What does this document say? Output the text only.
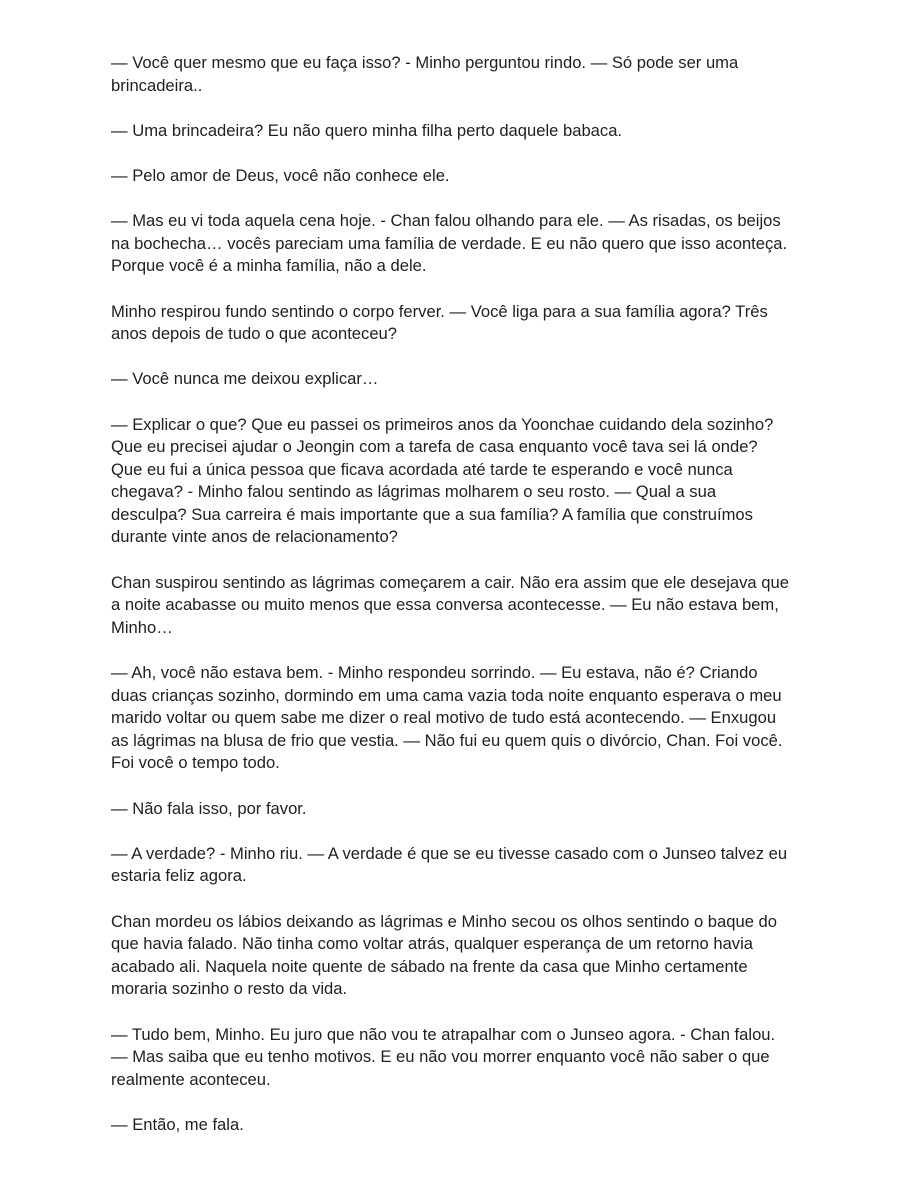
— Você quer mesmo que eu faça isso? - Minho perguntou rindo. — Só pode ser uma
brincadeira..

— Uma brincadeira? Eu não quero minha filha perto daquele babaca.

— Pelo amor de Deus, você não conhece ele.

— Mas eu vi toda aquela cena hoje. - Chan falou olhando para ele. — As risadas, os beijos
na bochecha… vocês pareciam uma família de verdade. E eu não quero que isso aconteça.
Porque você é a minha família, não a dele.

Minho respirou fundo sentindo o corpo ferver. — Você liga para a sua família agora? Três
anos depois de tudo o que aconteceu?

— Você nunca me deixou explicar…

— Explicar o que? Que eu passei os primeiros anos da Yoonchae cuidando dela sozinho?
Que eu precisei ajudar o Jeongin com a tarefa de casa enquanto você tava sei lá onde?
Que eu fui a única pessoa que ficava acordada até tarde te esperando e você nunca
chegava? - Minho falou sentindo as lágrimas molharem o seu rosto. — Qual a sua
desculpa? Sua carreira é mais importante que a sua família? A família que construímos
durante vinte anos de relacionamento?

Chan suspirou sentindo as lágrimas começarem a cair. Não era assim que ele desejava que
a noite acabasse ou muito menos que essa conversa acontecesse. — Eu não estava bem,
Minho…

— Ah, você não estava bem. - Minho respondeu sorrindo. — Eu estava, não é? Criando
duas crianças sozinho, dormindo em uma cama vazia toda noite enquanto esperava o meu
marido voltar ou quem sabe me dizer o real motivo de tudo está acontecendo. — Enxugou
as lágrimas na blusa de frio que vestia. — Não fui eu quem quis o divórcio, Chan. Foi você.
Foi você o tempo todo.

— Não fala isso, por favor.

— A verdade? - Minho riu. — A verdade é que se eu tivesse casado com o Junseo talvez eu
estaria feliz agora.

Chan mordeu os lábios deixando as lágrimas e Minho secou os olhos sentindo o baque do
que havia falado. Não tinha como voltar atrás, qualquer esperança de um retorno havia
acabado ali. Naquela noite quente de sábado na frente da casa que Minho certamente
moraria sozinho o resto da vida.

— Tudo bem, Minho. Eu juro que não vou te atrapalhar com o Junseo agora. - Chan falou.
— Mas saiba que eu tenho motivos. E eu não vou morrer enquanto você não saber o que
realmente aconteceu.

— Então, me fala.
